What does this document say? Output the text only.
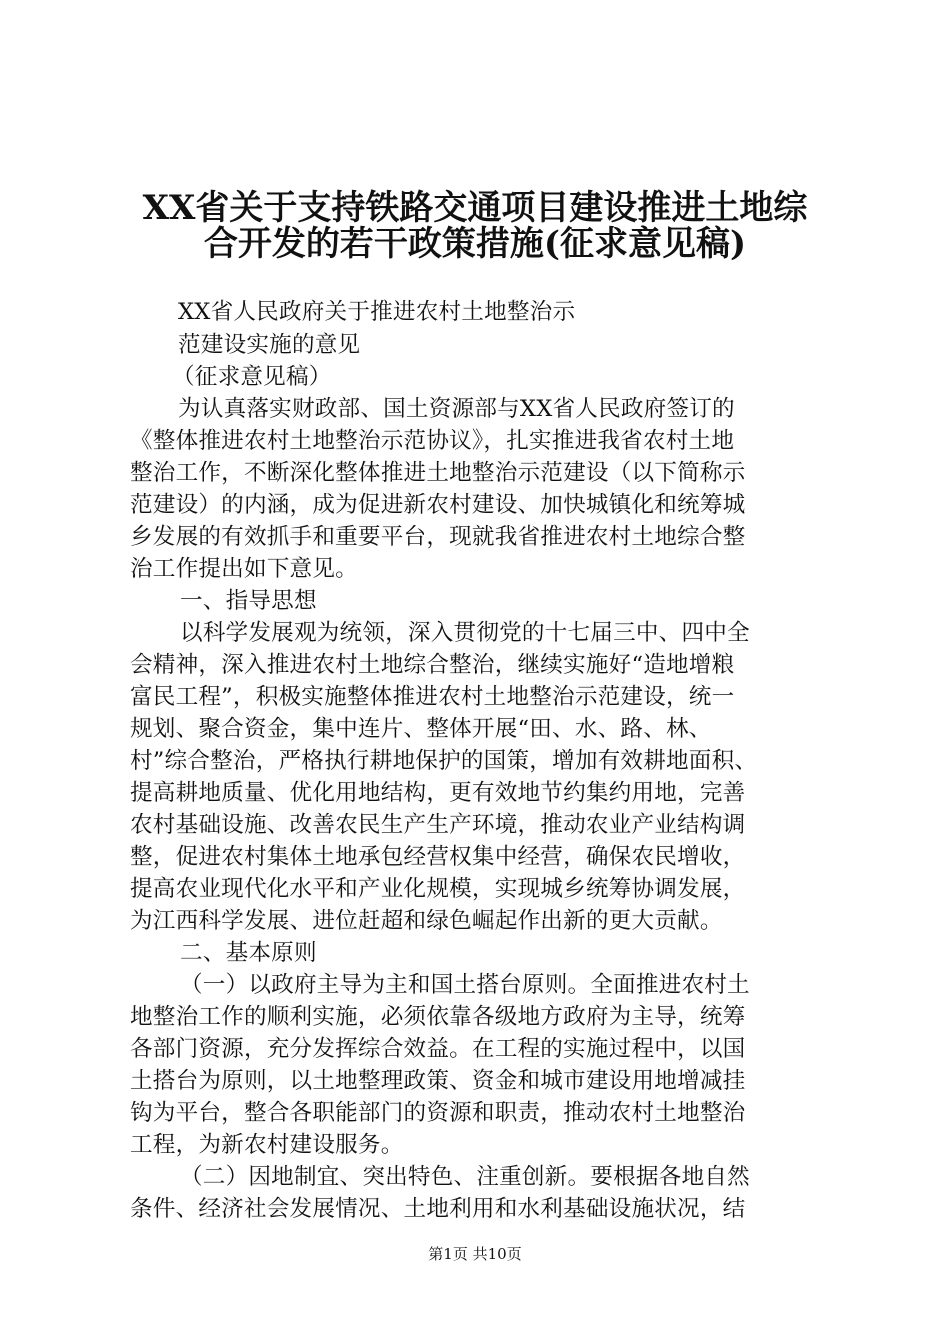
XX省关于支持铁路交通项目建设推进土地综
合开发的若干政策措施(征求意见稿)
XX省人民政府关于推进农村土地整治示
范建设实施的意见
（征求意见稿）
为认真落实财政部、国土资源部与XX省人民政府签订的
《整体推进农村土地整治示范协议》，扎实推进我省农村土地
整治工作，不断深化整体推进土地整治示范建设（以下简称示
范建设）的内涵，成为促进新农村建设、加快城镇化和统筹城
乡发展的有效抓手和重要平台，现就我省推进农村土地综合整
治工作提出如下意见。
一、指导思想
以科学发展观为统领，深入贯彻党的十七届三中、四中全
会精神，深入推进农村土地综合整治，继续实施好“造地增粮
富民工程”，积极实施整体推进农村土地整治示范建设，统一
规划、聚合资金，集中连片、整体开展“田、水、路、林、
村”综合整治，严格执行耕地保护的国策，增加有效耕地面积、
提高耕地质量、优化用地结构，更有效地节约集约用地，完善
农村基础设施、改善农民生产生产环境，推动农业产业结构调
整，促进农村集体土地承包经营权集中经营，确保农民增收，
提高农业现代化水平和产业化规模，实现城乡统筹协调发展，
为江西科学发展、进位赶超和绿色崛起作出新的更大贡献。
二、基本原则
（一）以政府主导为主和国土搭台原则。全面推进农村土
地整治工作的顺利实施，必须依靠各级地方政府为主导，统筹
各部门资源，充分发挥综合效益。在工程的实施过程中，以国
土搭台为原则，以土地整理政策、资金和城市建设用地增减挂
钩为平台，整合各职能部门的资源和职责，推动农村土地整治
工程，为新农村建设服务。
（二）因地制宜、突出特色、注重创新。要根据各地自然
条件、经济社会发展情况、土地利用和水利基础设施状况，结
第1页 共10页
